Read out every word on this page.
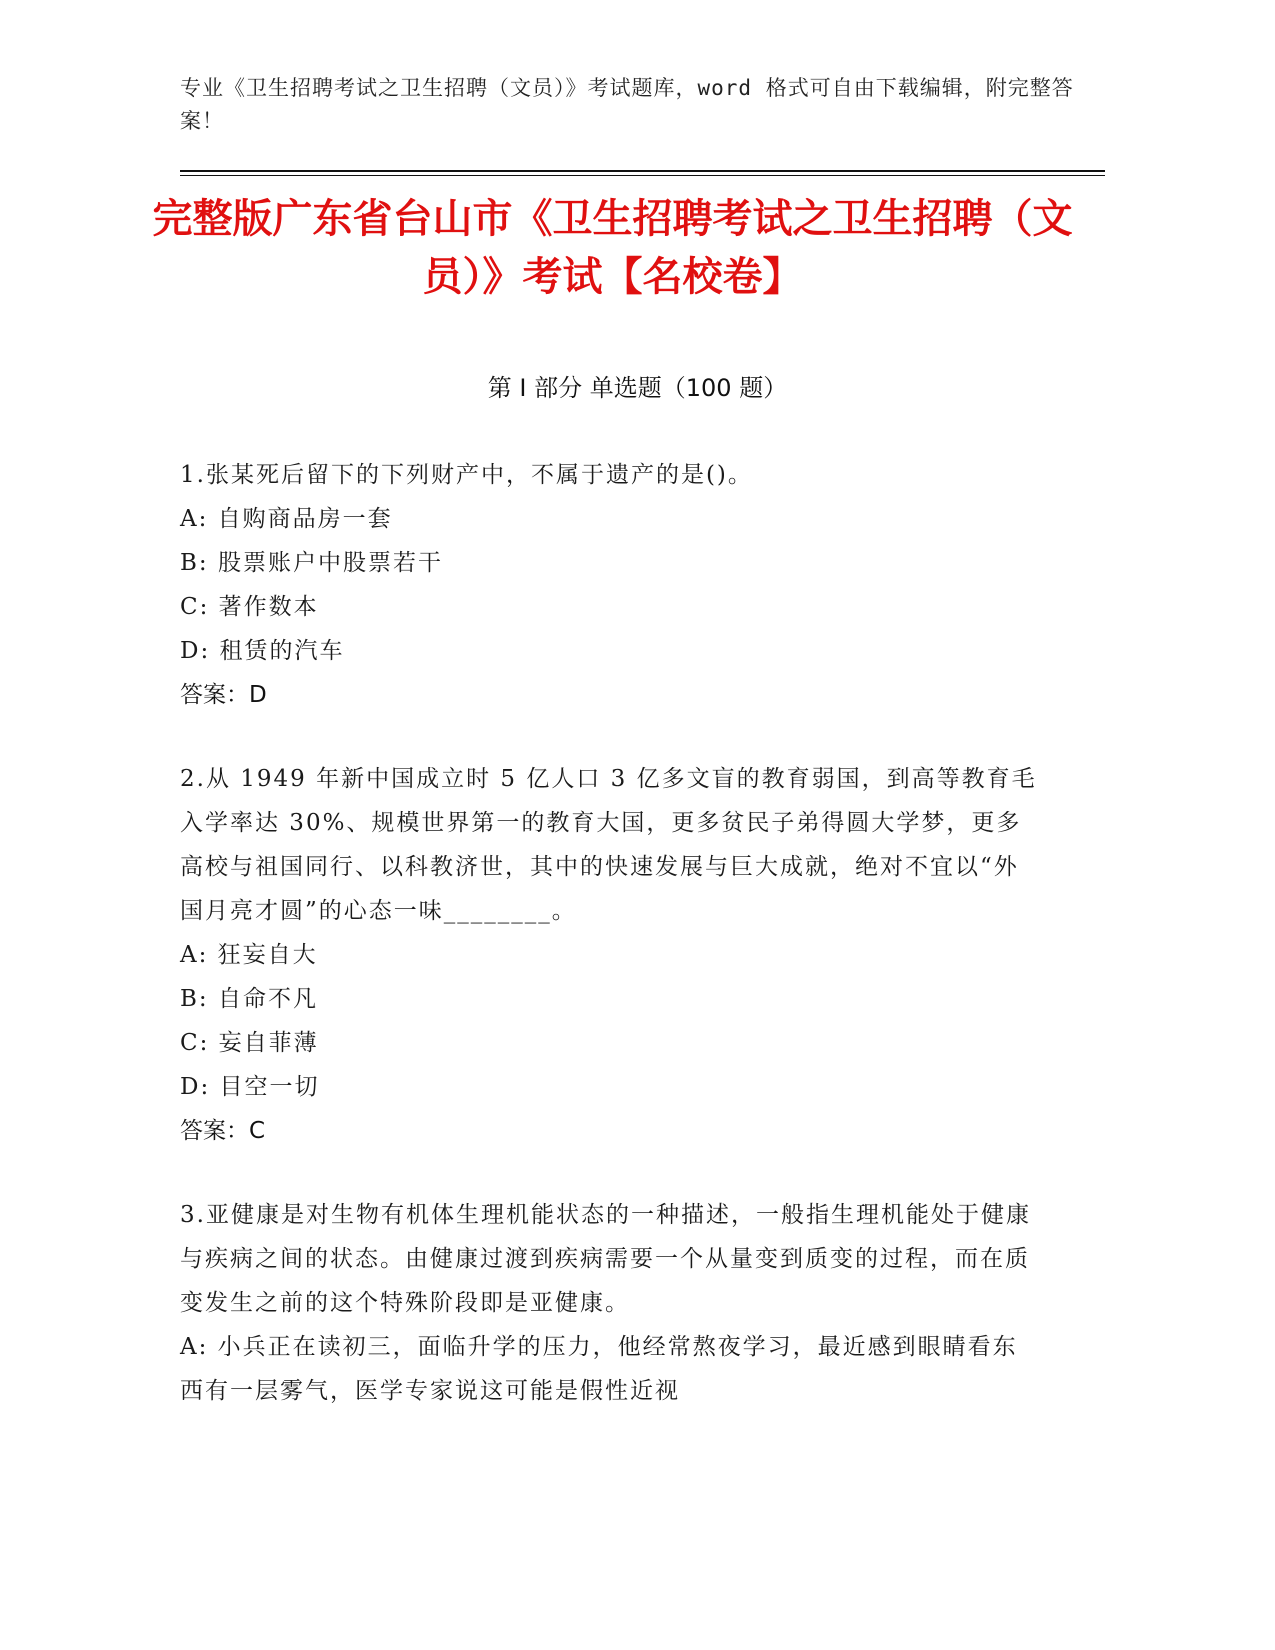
专业《卫生招聘考试之卫生招聘（文员）》考试题库，word 格式可自由下载编辑，附完整答案！
完整版广东省台山市《卫生招聘考试之卫生招聘（文员）》考试【名校卷】
第 I 部分 单选题（100 题）

1.张某死后留下的下列财产中，不属于遗产的是()。

A: 自购商品房一套

B: 股票账户中股票若干

C: 著作数本

D: 租赁的汽车

答案：D

2.从 1949 年新中国成立时 5 亿人口 3 亿多文盲的教育弱国，到高等教育毛入学率达 30%、规模世界第一的教育大国，更多贫民子弟得圆大学梦，更多高校与祖国同行、以科教济世，其中的快速发展与巨大成就，绝对不宜以“外国月亮才圆”的心态一味________。

A: 狂妄自大

B: 自命不凡

C: 妄自菲薄

D: 目空一切

答案：C

3.亚健康是对生物有机体生理机能状态的一种描述，一般指生理机能处于健康与疾病之间的状态。由健康过渡到疾病需要一个从量变到质变的过程，而在质变发生之前的这个特殊阶段即是亚健康。

A: 小兵正在读初三，面临升学的压力，他经常熬夜学习，最近感到眼睛看东西有一层雾气，医学专家说这可能是假性近视
